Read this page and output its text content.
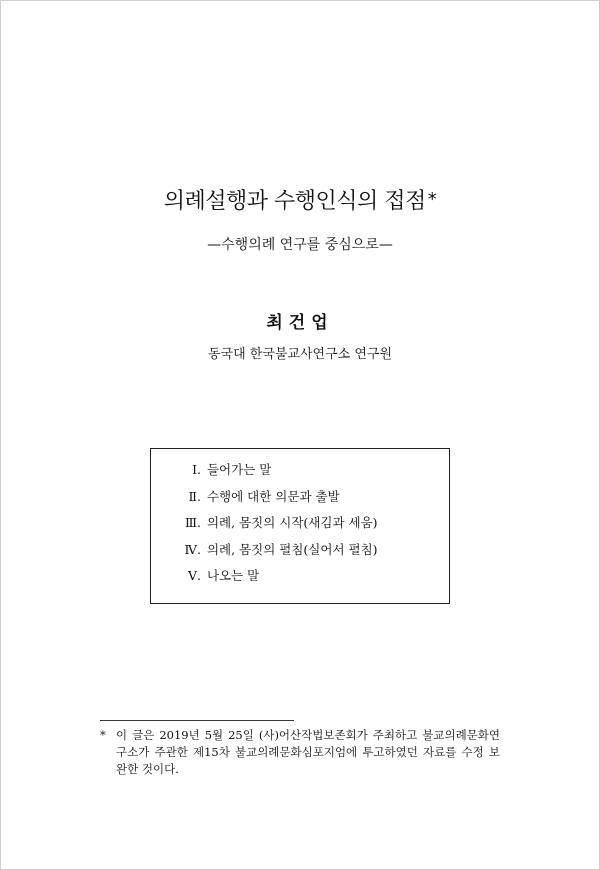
의례설행과 수행인식의 접점 *
—수행의례 연구를 중심으로—
최건업
동국대 한국불교사연구소 연구원
Ⅰ. 들어가는 말
Ⅱ. 수행에 대한 의문과 출발
Ⅲ. 의례, 몸짓의 시작(새김과 세움)
Ⅳ. 의례, 몸짓의 펼침(실어서 펼침)
Ⅴ. 나오는 말
* 이 글은 2019년 5월 25일 (사)어산작법보존회가 주최하고 불교의례문화연구소가 주관한 제15차 불교의례문화심포지엄에 투고하였던 자료를 수정 보완한 것이다.
